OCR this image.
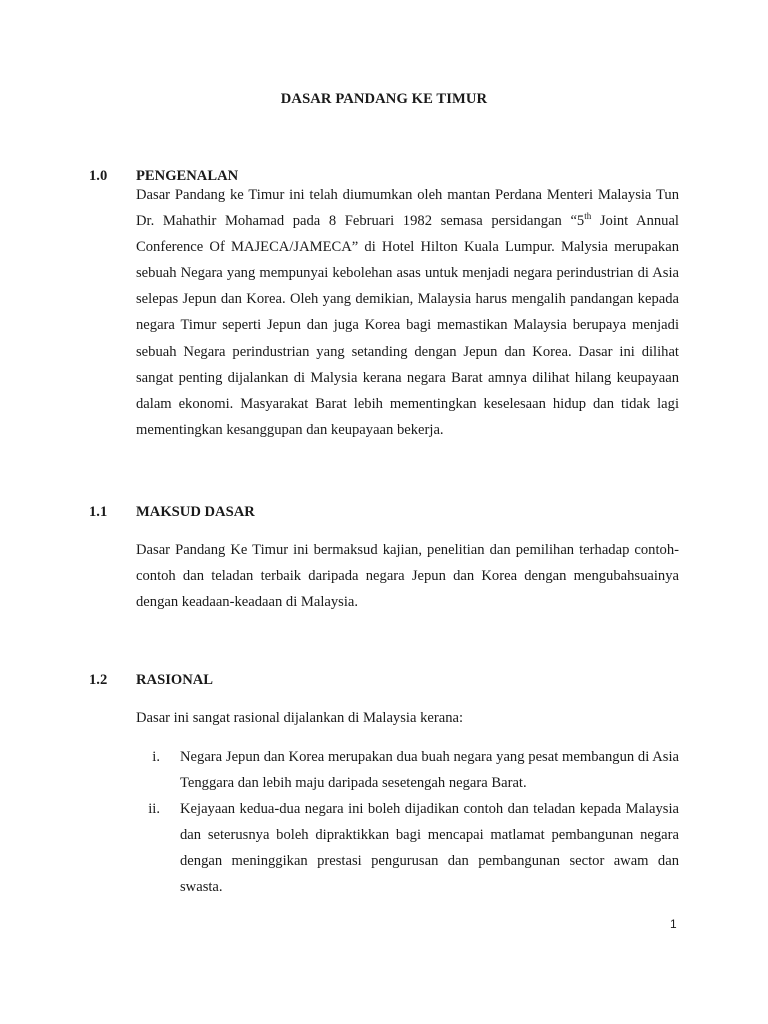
DASAR PANDANG KE TIMUR
1.0 PENGENALAN
Dasar Pandang ke Timur ini telah diumumkan oleh mantan Perdana Menteri Malaysia Tun Dr. Mahathir Mohamad pada 8 Februari 1982 semasa persidangan “5th Joint Annual Conference Of MAJECA/JAMECA” di Hotel Hilton Kuala Lumpur. Malysia merupakan sebuah Negara yang mempunyai kebolehan asas untuk menjadi negara perindustrian di Asia selepas Jepun dan Korea. Oleh yang demikian, Malaysia harus mengalih pandangan kepada negara Timur seperti Jepun dan juga Korea bagi memastikan Malaysia berupaya menjadi sebuah Negara perindustrian yang setanding dengan Jepun dan Korea. Dasar ini dilihat sangat penting dijalankan di Malysia kerana negara Barat amnya dilihat hilang keupayaan dalam ekonomi. Masyarakat Barat lebih mementingkan keselesaan hidup dan tidak lagi mementingkan kesanggupan dan keupayaan bekerja.
1.1 MAKSUD DASAR
Dasar Pandang Ke Timur ini bermaksud kajian, penelitian dan pemilihan terhadap contoh-contoh dan teladan terbaik daripada negara Jepun dan Korea dengan mengubahsuainya dengan keadaan-keadaan di Malaysia.
1.2 RASIONAL
Dasar ini sangat rasional dijalankan di Malaysia kerana:
i. Negara Jepun dan Korea merupakan dua buah negara yang pesat membangun di Asia Tenggara dan lebih maju daripada sesetengah negara Barat.
ii. Kejayaan kedua-dua negara ini boleh dijadikan contoh dan teladan kepada Malaysia dan seterusnya boleh dipraktikkan bagi mencapai matlamat pembangunan negara dengan meninggikan prestasi pengurusan dan pembangunan sector awam dan swasta.
1
